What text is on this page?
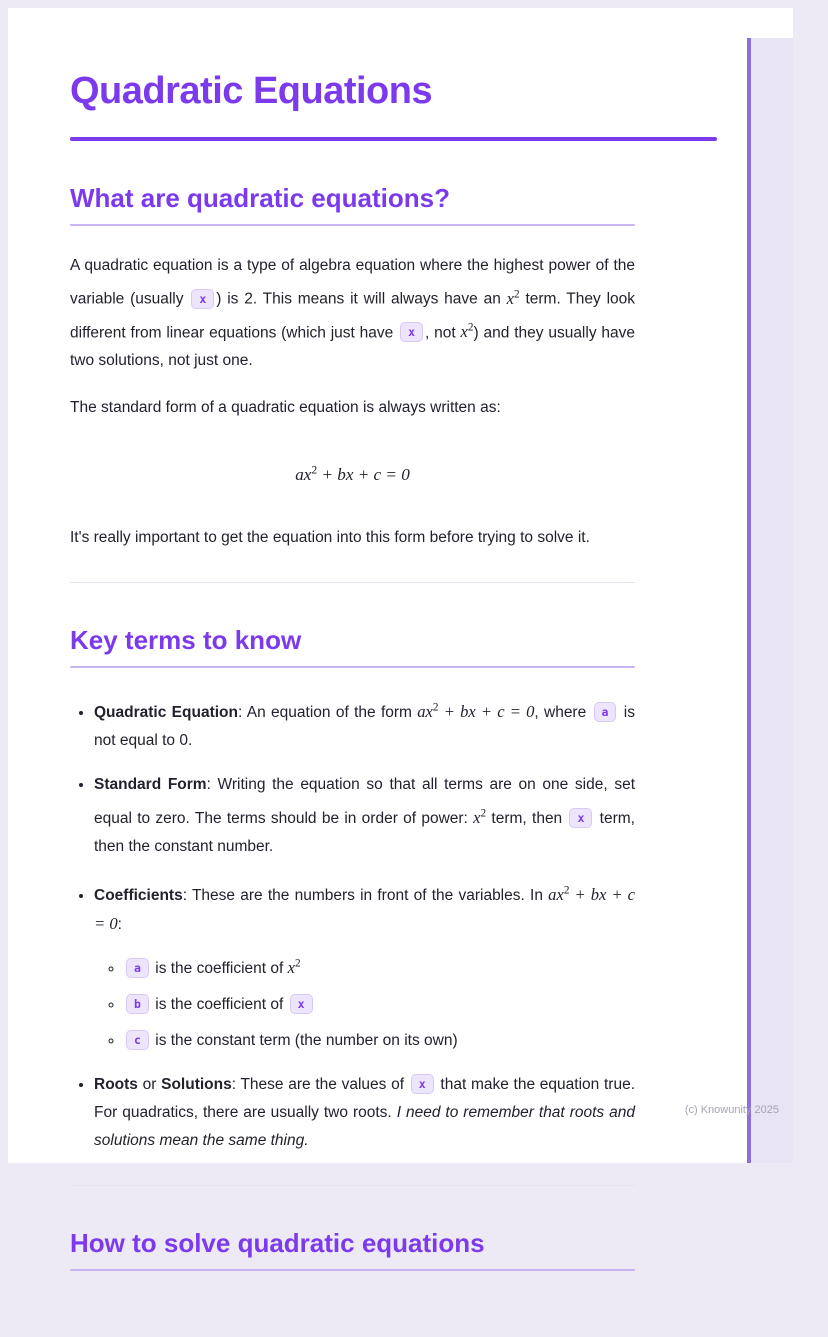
(c) Knowunity 2025
Quadratic Equations
What are quadratic equations?

A quadratic equation is a type of algebra equation where the highest power of the variable (usually x ) is 2. This means it will always have an $x^2$ term. They look different from linear equations (which just have x , not $x^2$) and they usually have two solutions, not just one.

The standard form of a quadratic equation is always written as:

$ax^2$ + bx + c = 0

It's really important to get the equation into this form before trying to solve it.

Key terms to know
• Quadratic Equation: An equation of the form $ax^2$ + bx + c = 0, where a is not equal to 0.
• Standard Form: Writing the equation so that all terms are on one side, set equal to zero. The terms should be in order of power: $x^2$ term, then x term, then the constant number.
• Coefficients: These are the numbers in front of the variables. In $ax^2$ + bx + c = 0:
◦ a is the coefficient of $x^2$
◦ b is the coefficient of x
◦ c is the constant term (the number on its own)
• Roots or Solutions: These are the values of x that make the equation true. For quadratics, there are usually two roots. I need to remember that roots and solutions mean the same thing.
How to solve quadratic equations
